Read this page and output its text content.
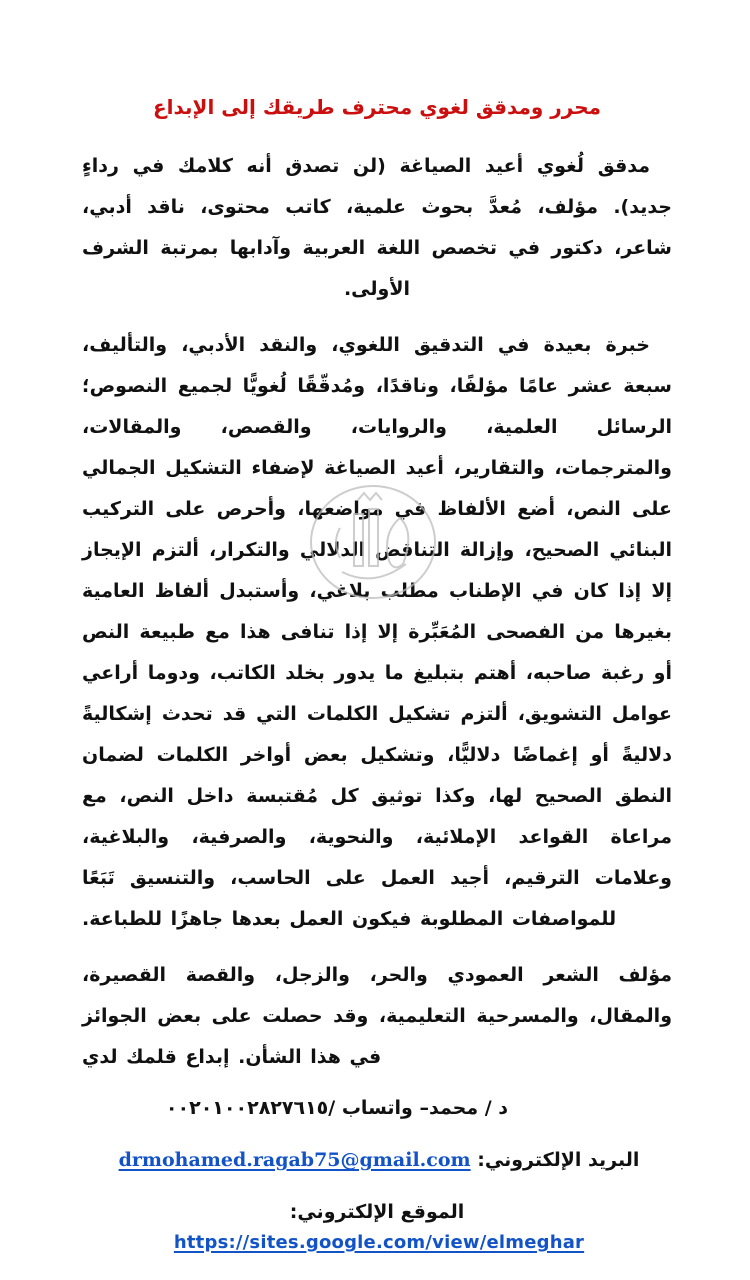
محرر ومدقق لغوي محترف طريقك إلى الإبداع

مدقق لُغوي أعيد الصياغة (لن تصدق أنه كلامك في رداءٍ جديد). مؤلف، مُعدَّ بحوث علمية، كاتب محتوى، ناقد أدبي، شاعر، دكتور في تخصص اللغة العربية وآدابها بمرتبة الشرف الأولى.

خبرة بعيدة في التدقيق اللغوي، والنقد الأدبي، والتأليف، سبعة عشر عامًا مؤلفًا، وناقدًا، ومُدقّقًا لُغويًّا لجميع النصوص؛ الرسائل العلمية، والروايات، والقصص، والمقالات، والمترجمات، والتقارير، أعيد الصياغة لإضفاء التشكيل الجمالي على النص، أضع الألفاظ في مواضعها، وأحرص على التركيب البنائي الصحيح، وإزالة التناقض الدلالي والتكرار، ألتزم الإيجاز إلا إذا كان في الإطناب مطلب بلاغي، وأستبدل ألفاظ العامية بغيرها من الفصحى المُعَبِّرة إلا إذا تنافى هذا مع طبيعة النص أو رغبة صاحبه، أهتم بتبليغ ما يدور بخلد الكاتب، ودوما أراعي عوامل التشويق، ألتزم تشكيل الكلمات التي قد تحدث إشكاليةً دلاليةً أو إغماضًا دلاليًّا، وتشكيل بعض أواخر الكلمات لضمان النطق الصحيح لها، وكذا توثيق كل مُقتبسة داخل النص، مع مراعاة القواعد الإملائية، والنحوية، والصرفية، والبلاغية، وعلامات الترقيم، أجيد العمل على الحاسب، والتنسيق تَبَعًا للمواصفات المطلوبة فيكون العمل بعدها جاهزًا للطباعة.

مؤلف الشعر العمودي والحر، والزجل، والقصة القصيرة، والمقال، والمسرحية التعليمية، وقد حصلت على بعض الجوائز في هذا الشأن. إبداع قلمك لدي

د / محمد– واتساب /٠٠٢٠١٠٠٢٨٢٧٦١٥

البريد الإلكتروني: drmohamed.ragab75@gmail.com

الموقع الإلكتروني: https://sites.google.com/view/elmeghar
